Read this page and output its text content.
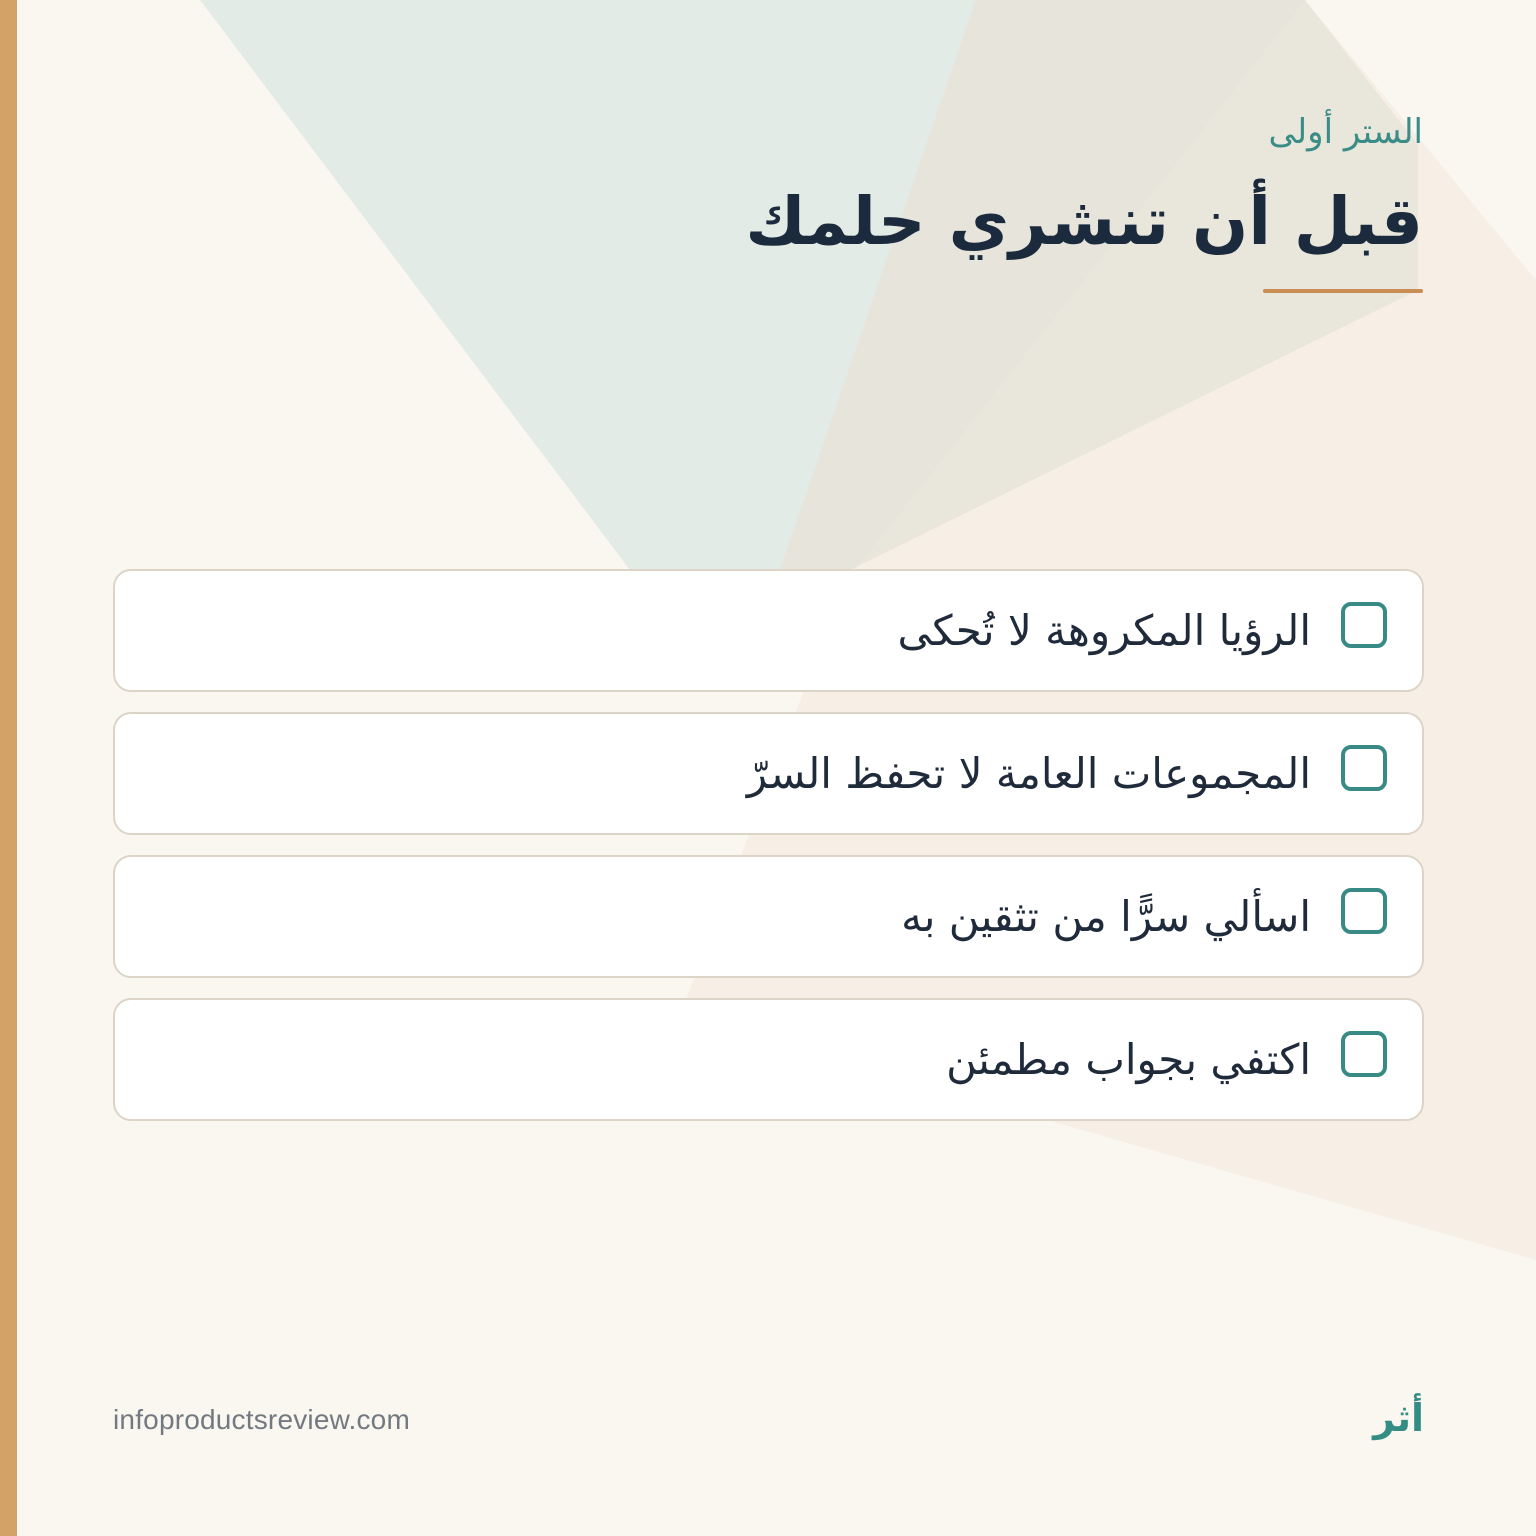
الستر أولى

قبل أن تنشري حلمك
الرؤيا المكروهة لا تُحكى
المجموعات العامة لا تحفظ السرّ
اسألي سرًّا من تثقين به
اكتفي بجواب مطمئن
infoproductsreview.com	أثر
